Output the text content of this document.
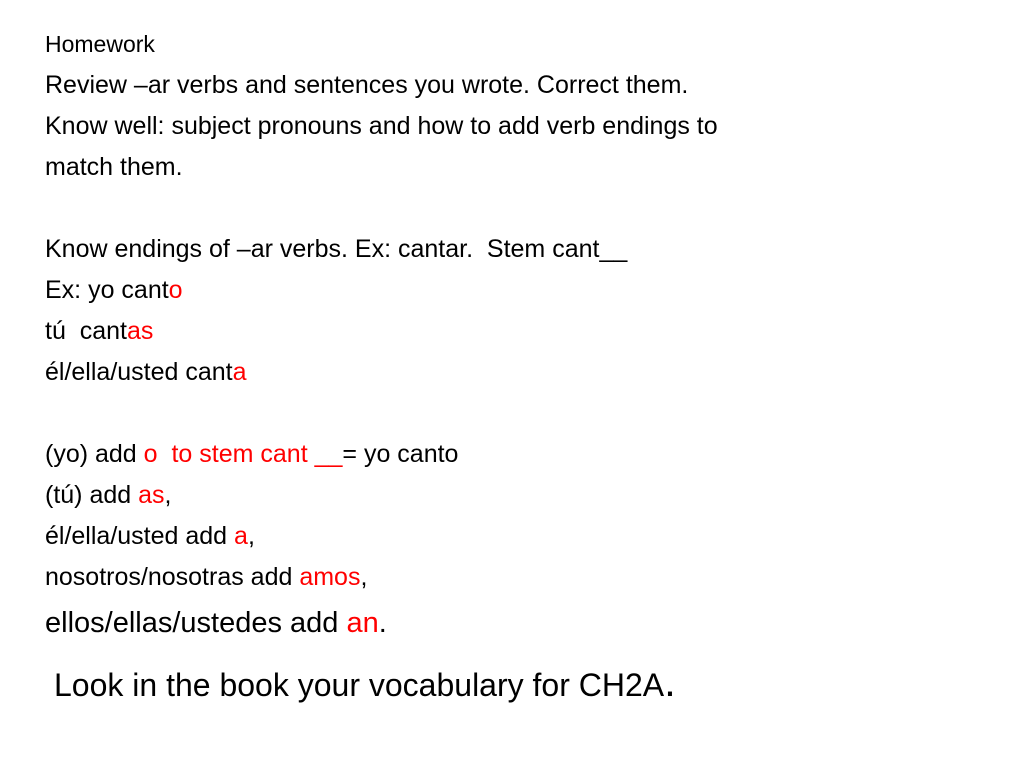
Homework
Review –ar verbs and sentences you wrote. Correct them.
Know well: subject pronouns and how to add verb endings to
match them.
Know endings of –ar verbs. Ex: cantar.  Stem cant__
Ex: yo canto
tú  cantas
él/ella/usted canta
(yo) add o  to stem cant __= yo canto
(tú) add as,
él/ella/usted add a,
nosotros/nosotras add amos,
ellos/ellas/ustedes add an.
Look in the book your vocabulary for CH2A.
